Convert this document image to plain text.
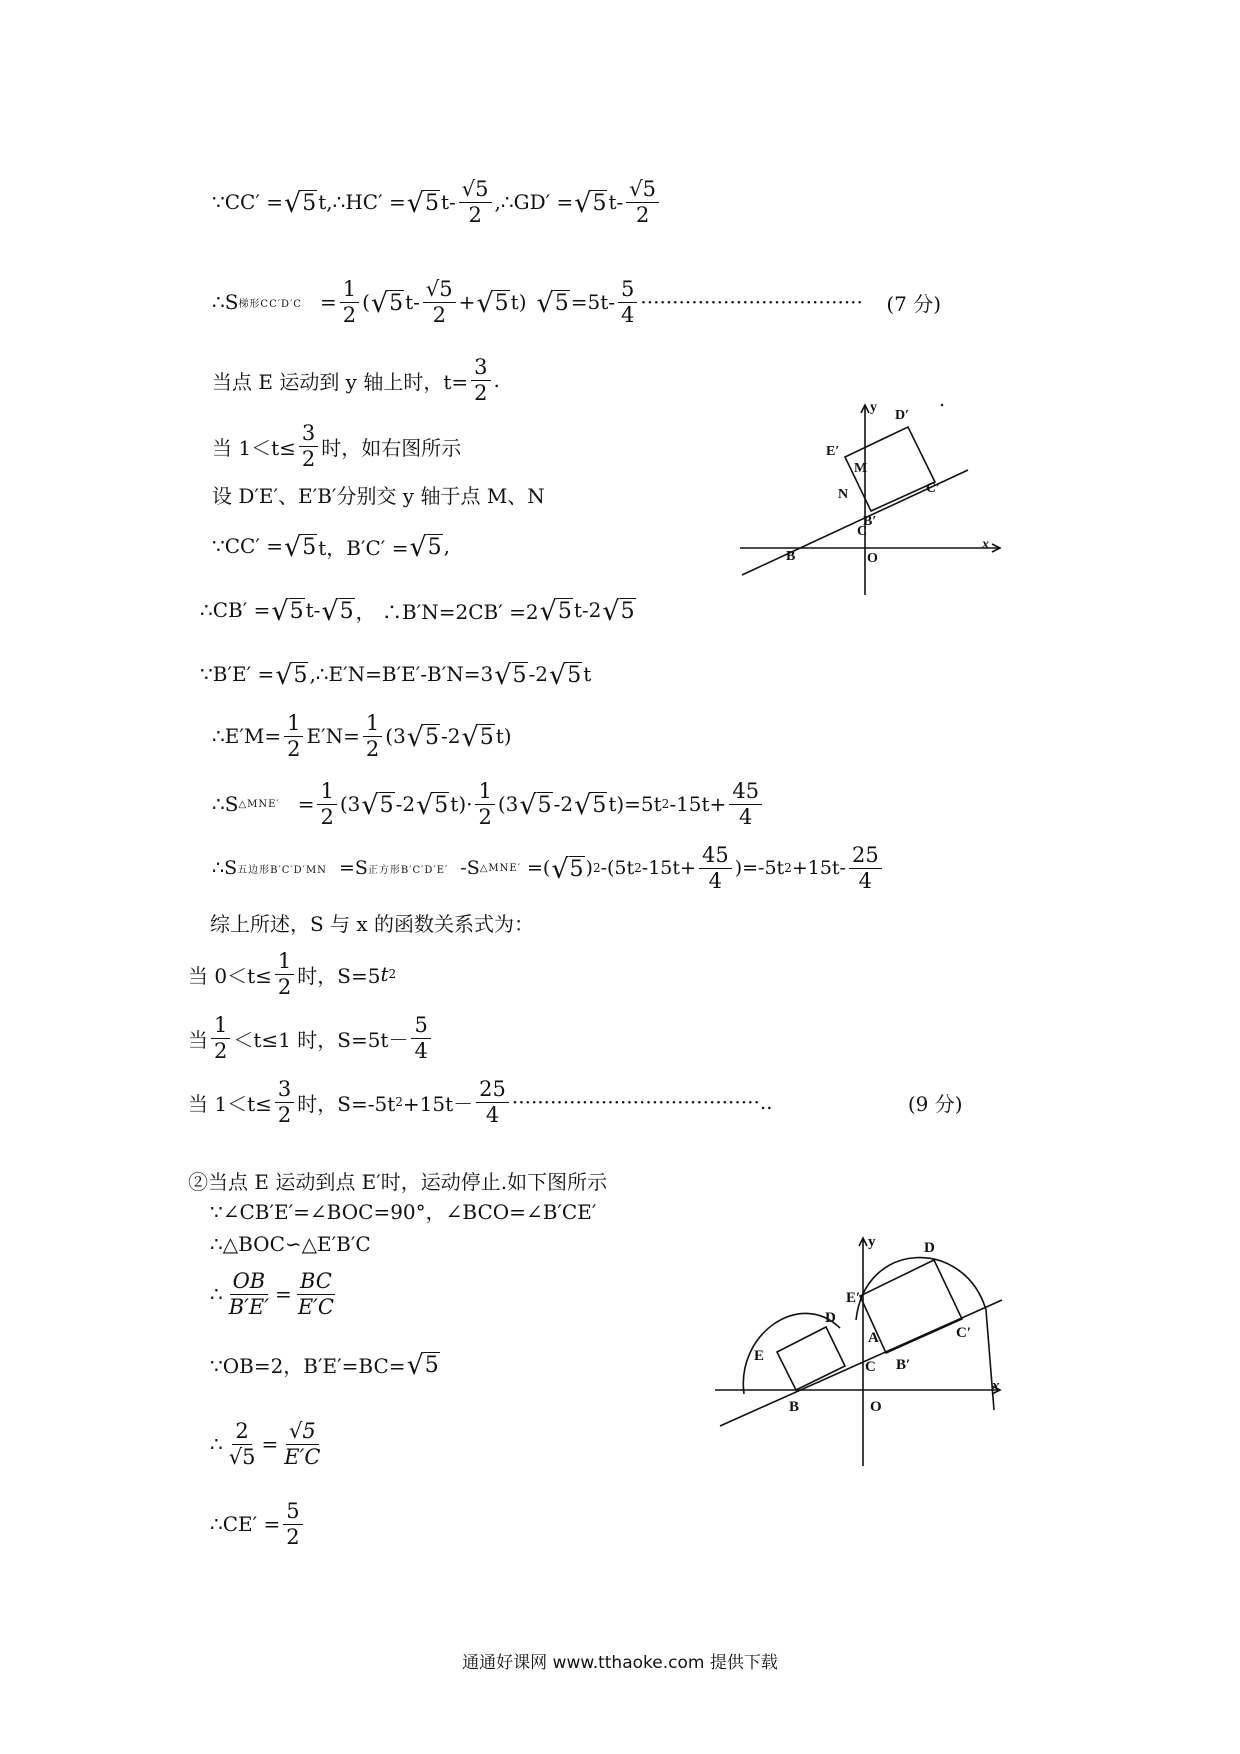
∵CC′ = √ 5 t,∴HC′ = √ 5 $t- \frac{√5}{2}$ ,∴GD′ = √ 5 $t- \frac{√5}{2}$
∴S 梯形$CC'D'C = \frac{1}{2}$ ( √ 5 $t- \frac{√5}{2}$ + √ 5 t) √ $5 =5t- \frac{5}{4}$ ···································	(7 分)
当点 E 运动到 y 轴上时，$t= \frac{3}{2}$ .
当 $1<t\le \frac{3}{2}$ 时，如右图所示
设 D′E′、E′B′分别交 y 轴于点 M、N
∵CC′ = √ 5 t，B′C′ = √ 5 ,
∴CB′ = √ 5 t- √ 5 ， ∴B′N=2CB′ =2 √ 5 t-2 √ 5
∵B′E′ = √ 5 ,∴E′N=B′E′-B′N=3 √ 5 -2 √ 5 t
∴E′M= $\frac{1}{2} E'N= \frac{1}{2} (3$ √ 5 -2 √ 5 t)
∴S △MNE′ = $\frac{1}{2} (3$ √ 5 -2 √ 5 $t)\cdot \frac{1}{2} (3$ √ 5 -2 √ 5 t)=5t 2 $-15t+ \frac{45}{4}$
∴S 五边形B′C′D′MN =S 正方形B′C′D′E′ -S △MNE′ =( √ 5 ) 2 -(5t 2 $-15t+ \frac{45}{4} )=-5t$ $2 +15t- \frac{25}{4}$
综上所述，S 与 x 的函数关系式为：
当 $0<t\le \frac{1}{2}$ 时，S=5 t 2
当 $\frac{1}{2} <t\le 1$ 时，$S=5t- \frac{5}{4}$
当 $1<t\le \frac{3}{2}$ 时，S=-5t $2 +15t- \frac{25}{4}$ ·······································..	(9 分)
②当点 E 运动到点 E′时，运动停止.如下图所示
∵∠CB′E′=∠BOC=90°，∠BCO=∠B′CE′
∴△BOC∽△E′B′C
∴ $\frac{OB}{B'E'} = \frac{BC}{E'C}$
∵OB=2，B′E′=BC= √ 5
∴ $\frac{2}{√5} = \frac{√5}{E'C}$
∴CE′ = $\frac{5}{2}$
y
x
D′
E′
M
N	C′
B′
C
B	O
y
x
D
E′
D
E
A	C′
B′
C
B	O
通通好课网 www.tthaoke.com 提供下载
